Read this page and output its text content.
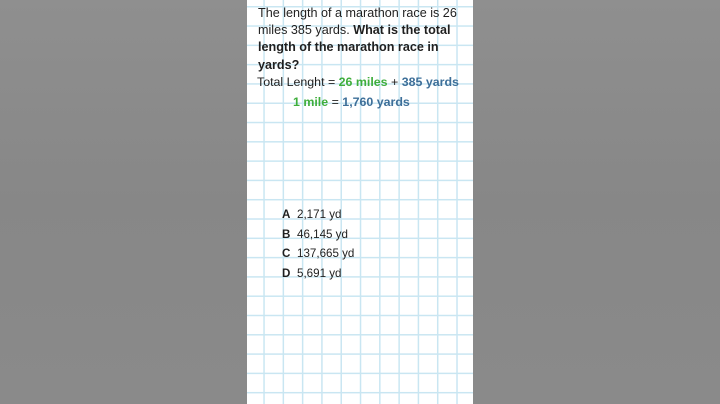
The length of a marathon race is 26 miles 385 yards. What is the total length of the marathon race in yards?

Total Lenght = 26 miles + 385 yards
1 mile = 1,760 yards
A 2,171 yd
B 46,145 yd
C 137,665 yd
D 5,691 yd
